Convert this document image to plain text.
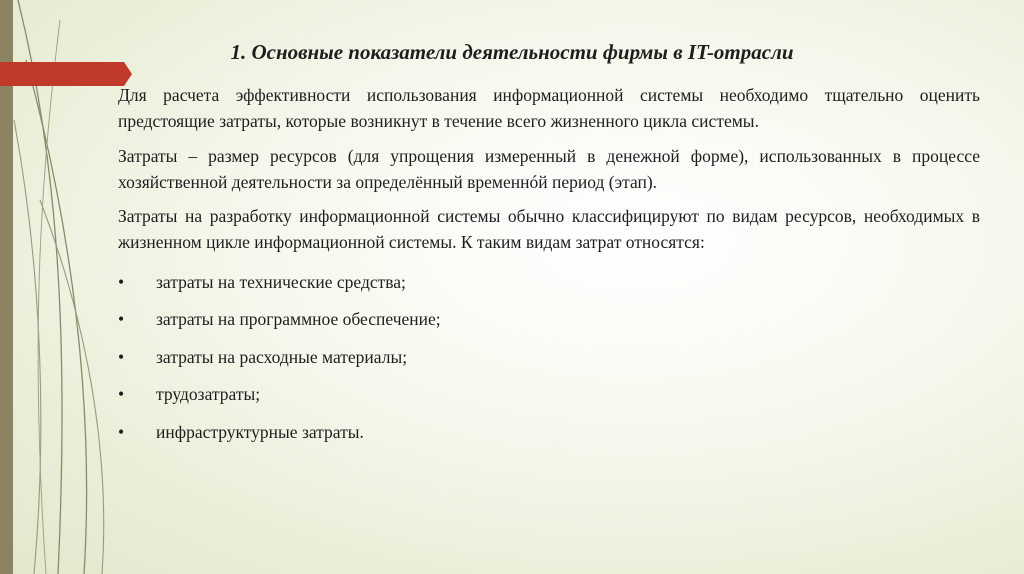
1. Основные показатели деятельности фирмы в IT-отрасли

Для расчета эффективности использования информационной системы необходимо тщательно оценить предстоящие затраты, которые возникнут в течение всего жизненного цикла системы.

Затраты – размер ресурсов (для упрощения измеренный в денежной форме), использованных в процессе хозяйственной деятельности за определённый временнóй период (этап).

Затраты на разработку информационной системы обычно классифицируют по видам ресурсов, необходимых в жизненном цикле информационной системы. К таким видам затрат относятся:

• затраты на технические средства;
• затраты на программное обеспечение;
• затраты на расходные материалы;
• трудозатраты;
• инфраструктурные затраты.
